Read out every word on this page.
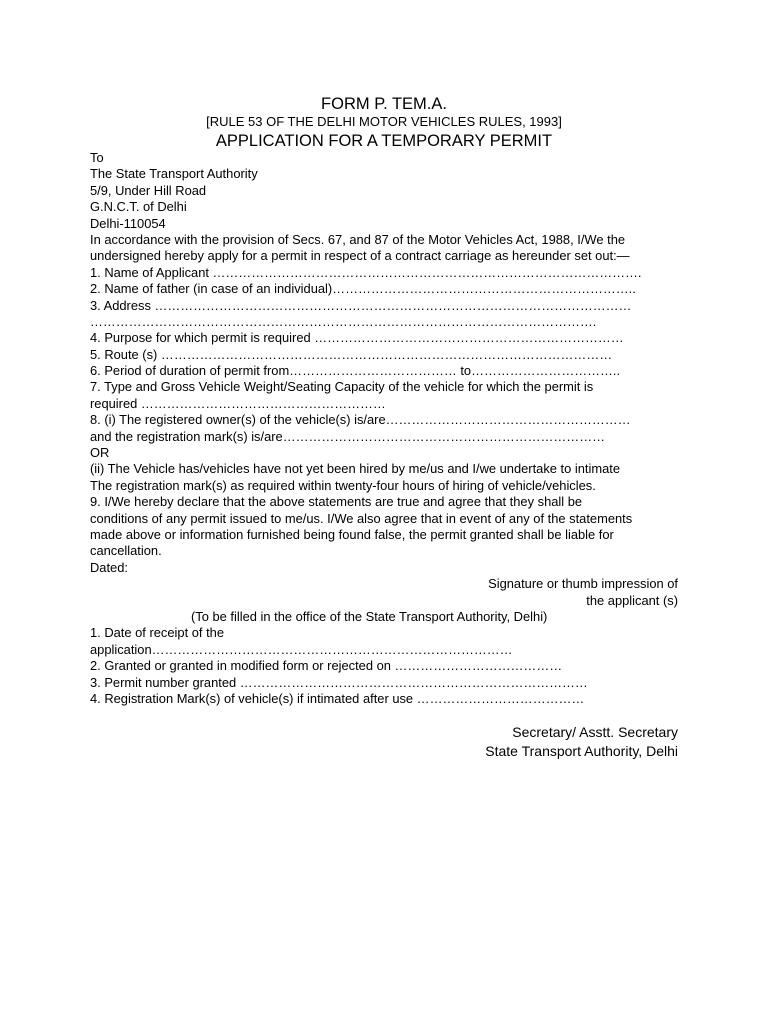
FORM P. TEM.A.
[RULE 53 OF THE DELHI MOTOR VEHICLES RULES, 1993]
APPLICATION FOR A TEMPORARY PERMIT
To
The State Transport Authority
5/9, Under Hill Road
G.N.C.T. of Delhi
Delhi-110054
In accordance with the provision of Secs. 67, and 87 of the Motor Vehicles Act, 1988, I/We the
undersigned hereby apply for a permit in respect of a contract carriage as hereunder set out:—
1. Name of Applicant ……………………………………………………………………………………….
2. Name of father (in case of an individual)……………………………………………………………..
3. Address …………………………………………………………………………………………………
……………………………………………………………………………………………………….
4. Purpose for which permit is required ………………………………………………………………
5. Route (s) ……………………………………………………………………………………………
6. Period of duration of permit from………………………………… to……………………………..
7. Type and Gross Vehicle Weight/Seating Capacity of the vehicle for which the permit is
required …………………………………………………
8. (i) The registered owner(s) of the vehicle(s) is/are…………………………………………………
and the registration mark(s) is/are…………………………………………………………………
OR
(ii) The Vehicle has/vehicles have not yet been hired by me/us and I/we undertake to intimate
The registration mark(s) as required within twenty-four hours of hiring of vehicle/vehicles.
9. I/We hereby declare that the above statements are true and agree that they shall be
conditions of any permit issued to me/us. I/We also agree that in event of any of the statements
made above or information furnished being found false, the permit granted shall be liable for
cancellation.
Dated:
Signature or thumb impression of
the applicant (s)
(To be filled in the office of the State Transport Authority, Delhi)
1. Date of receipt of the
application…………………………………………………………………………
2. Granted or granted in modified form or rejected on …………………………………
3. Permit number granted ………………………………………………………………………
4. Registration Mark(s) of vehicle(s) if intimated after use …………………………………
Secretary/ Asstt. Secretary
State Transport Authority, Delhi
